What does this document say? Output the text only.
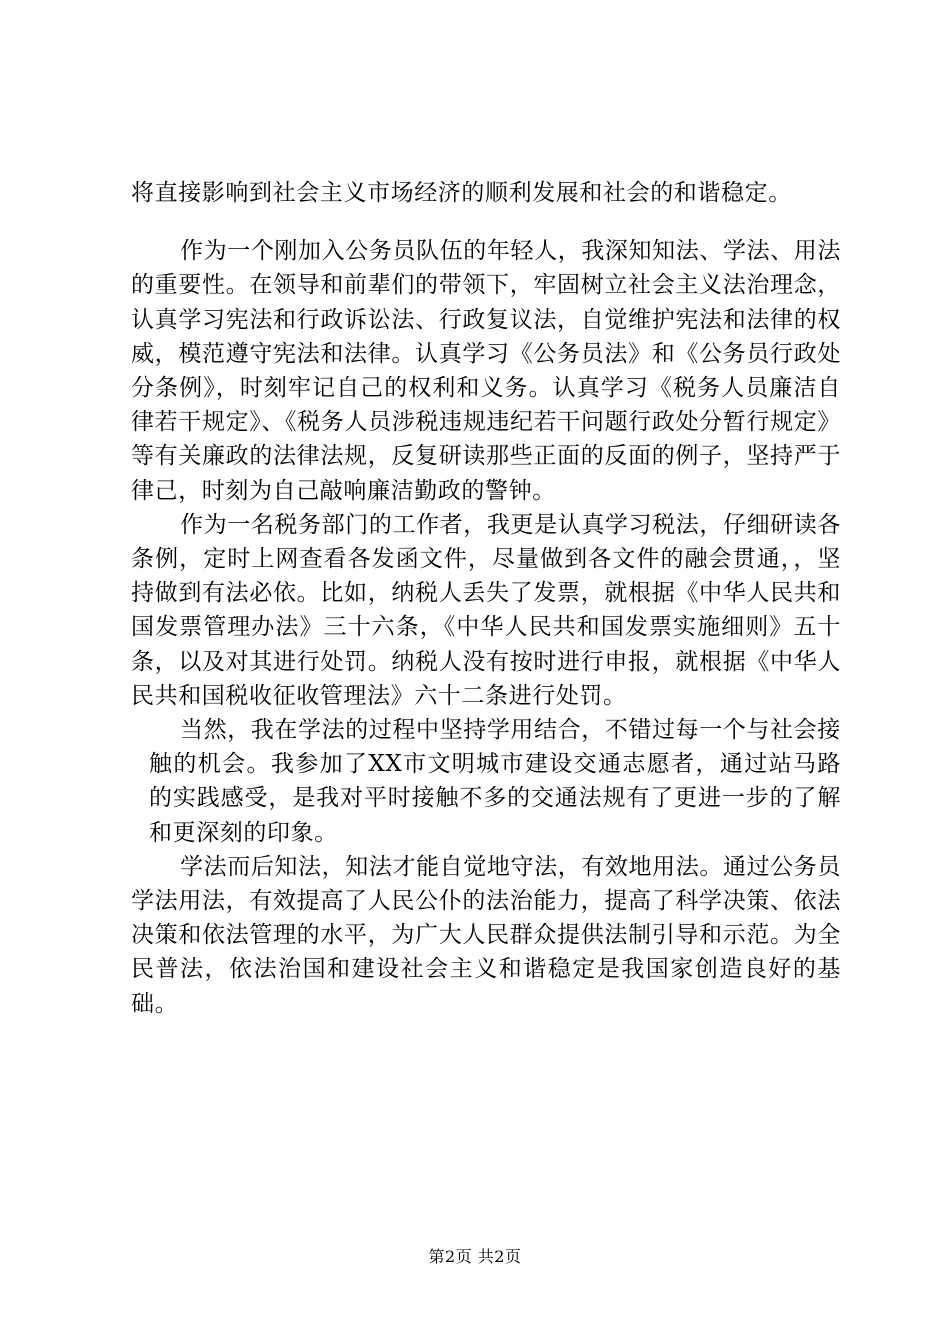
将直接影响到社会主义市场经济的顺利发展和社会的和谐稳定。

作为一个刚加入公务员队伍的年轻人，我深知知法、学法、用法的重要性。在领导和前辈们的带领下，牢固树立社会主义法治理念，认真学习宪法和行政诉讼法、行政复议法，自觉维护宪法和法律的权威，模范遵守宪法和法律。认真学习《公务员法》和《公务员行政处分条例》，时刻牢记自己的权利和义务。认真学习《税务人员廉洁自律若干规定》、《税务人员涉税违规违纪若干问题行政处分暂行规定》等有关廉政的法律法规，反复研读那些正面的反面的例子，坚持严于律己，时刻为自己敲响廉洁勤政的警钟。

作为一名税务部门的工作者，我更是认真学习税法，仔细研读各条例，定时上网查看各发函文件，尽量做到各文件的融会贯通，，坚持做到有法必依。比如，纳税人丢失了发票，就根据《中华人民共和国发票管理办法》三十六条，《中华人民共和国发票实施细则》五十条，以及对其进行处罚。纳税人没有按时进行申报，就根据《中华人民共和国税收征收管理法》六十二条进行处罚。

当然，我在学法的过程中坚持学用结合，不错过每一个与社会接

触的机会。我参加了XX市文明城市建设交通志愿者，通过站马路的实践感受，是我对平时接触不多的交通法规有了更进一步的了解和更深刻的印象。

学法而后知法，知法才能自觉地守法，有效地用法。通过公务员学法用法，有效提高了人民公仆的法治能力，提高了科学决策、依法决策和依法管理的水平，为广大人民群众提供法制引导和示范。为全民普法，依法治国和建设社会主义和谐稳定是我国家创造良好的基础。

第2页 共2页
